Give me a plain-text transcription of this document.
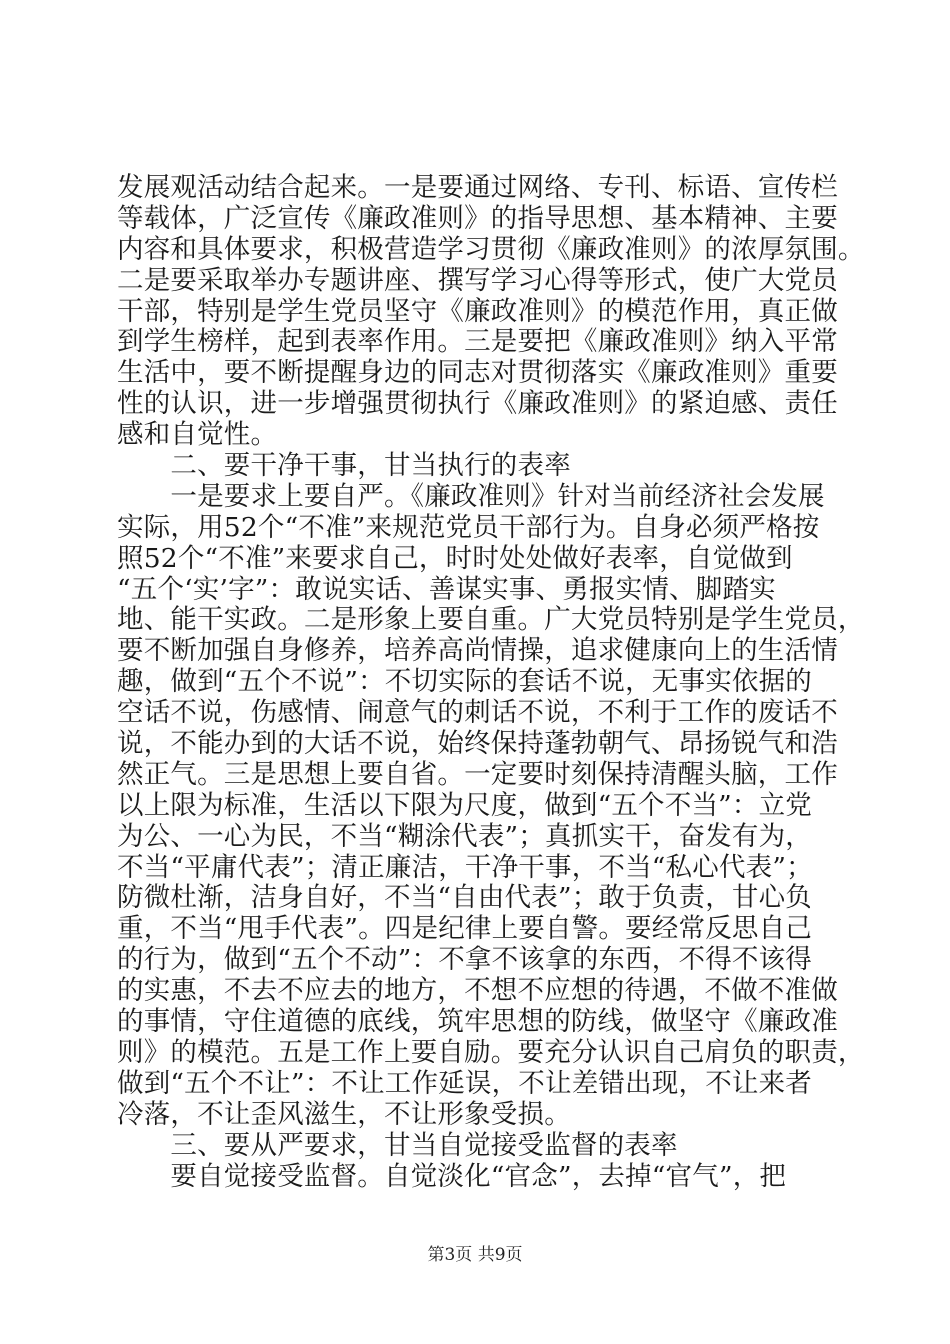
发展观活动结合起来。一是要通过网络、专刊、标语、宣传栏
等载体，广泛宣传《廉政准则》的指导思想、基本精神、主要
内容和具体要求，积极营造学习贯彻《廉政准则》的浓厚氛围。
二是要采取举办专题讲座、撰写学习心得等形式，使广大党员
干部，特别是学生党员坚守《廉政准则》的模范作用，真正做
到学生榜样，起到表率作用。三是要把《廉政准则》纳入平常
生活中，要不断提醒身边的同志对贯彻落实《廉政准则》重要
性的认识，进一步增强贯彻执行《廉政准则》的紧迫感、责任
感和自觉性。
　　二、要干净干事，甘当执行的表率
　　一是要求上要自严。《廉政准则》针对当前经济社会发展
实际，用52个“不准”来规范党员干部行为。自身必须严格按
照52个“不准”来要求自己，时时处处做好表率，自觉做到
“五个‘实’字”：敢说实话、善谋实事、勇报实情、脚踏实
地、能干实政。二是形象上要自重。广大党员特别是学生党员，
要不断加强自身修养，培养高尚情操，追求健康向上的生活情
趣，做到“五个不说”：不切实际的套话不说，无事实依据的
空话不说，伤感情、闹意气的刺话不说，不利于工作的废话不
说，不能办到的大话不说，始终保持蓬勃朝气、昂扬锐气和浩
然正气。三是思想上要自省。一定要时刻保持清醒头脑，工作
以上限为标准，生活以下限为尺度，做到“五个不当”：立党
为公、一心为民，不当“糊涂代表”；真抓实干，奋发有为，
不当“平庸代表”；清正廉洁，干净干事，不当“私心代表”；
防微杜渐，洁身自好，不当“自由代表”；敢于负责，甘心负
重，不当“甩手代表”。四是纪律上要自警。要经常反思自己
的行为，做到“五个不动”：不拿不该拿的东西，不得不该得
的实惠，不去不应去的地方，不想不应想的待遇，不做不准做
的事情，守住道德的底线，筑牢思想的防线，做坚守《廉政准
则》的模范。五是工作上要自励。要充分认识自己肩负的职责，
做到“五个不让”：不让工作延误，不让差错出现，不让来者
冷落，不让歪风滋生，不让形象受损。
　　三、要从严要求，甘当自觉接受监督的表率
　　要自觉接受监督。自觉淡化“官念”，去掉“官气”，把
第3页 共9页
